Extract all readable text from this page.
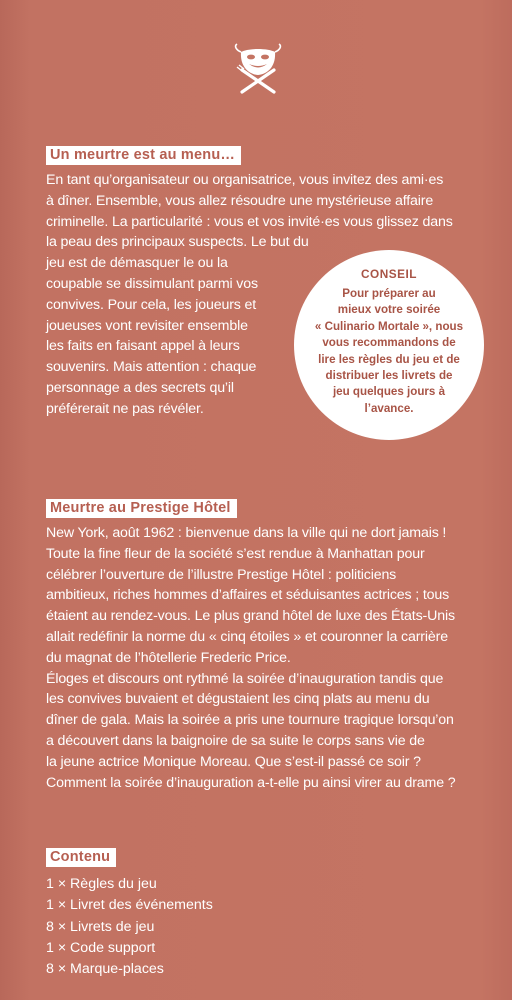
Un meurtre est au menu…
En tant qu’organisateur ou organisatrice, vous invitez des ami·es
à dîner. Ensemble, vous allez résoudre une mystérieuse affaire
criminelle. La particularité : vous et vos invité·es vous glissez dans
la peau des principaux suspects. Le but du
jeu est de démasquer le ou la
coupable se dissimulant parmi vos
convives. Pour cela, les joueurs et
joueuses vont revisiter ensemble
les faits en faisant appel à leurs
souvenirs. Mais attention : chaque
personnage a des secrets qu’il
préférerait ne pas révéler.
CONSEIL
Pour préparer au
mieux votre soirée
« Culinario Mortale », nous
vous recommandons de
lire les règles du jeu et de
distribuer les livrets de
jeu quelques jours à
l’avance.
Meurtre au Prestige Hôtel
New York, août 1962 : bienvenue dans la ville qui ne dort jamais !
Toute la fine fleur de la société s’est rendue à Manhattan pour
célébrer l’ouverture de l’illustre Prestige Hôtel : politiciens
ambitieux, riches hommes d’affaires et séduisantes actrices ; tous
étaient au rendez-vous. Le plus grand hôtel de luxe des États-Unis
allait redéfinir la norme du « cinq étoiles » et couronner la carrière
du magnat de l’hôtellerie Frederic Price.
Éloges et discours ont rythmé la soirée d’inauguration tandis que
les convives buvaient et dégustaient les cinq plats au menu du
dîner de gala. Mais la soirée a pris une tournure tragique lorsqu’on
a découvert dans la baignoire de sa suite le corps sans vie de
la jeune actrice Monique Moreau. Que s’est-il passé ce soir ?
Comment la soirée d’inauguration a-t-elle pu ainsi virer au drame ?
Contenu
1 × Règles du jeu
1 × Livret des événements
8 × Livrets de jeu
1 × Code support
8 × Marque-places
